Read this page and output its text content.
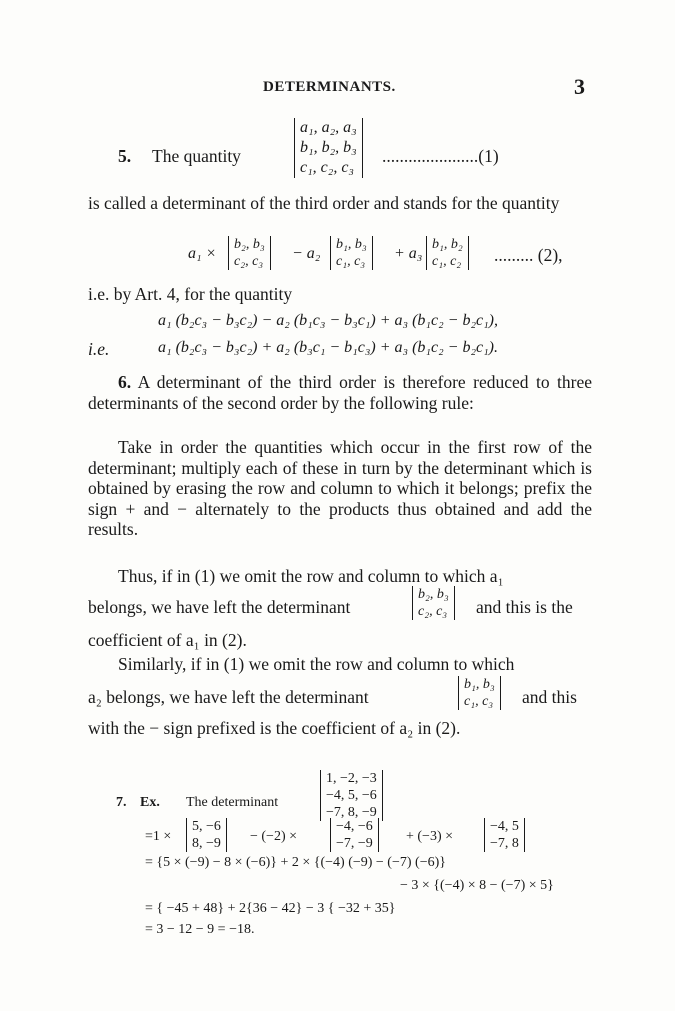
DETERMINANTS.	3
5. The quantity
a₁, a₂, a₃
b₁, b₂, b₃
c₁, c₂, c₃
......................(1)
is called a determinant of the third order and stands for the quantity
a₁ ×
b₂, b₃
c₂, c₃ − a₂
b₁, b₃
c₁, c₃ + a₃
b₁, b₂
c₁, c₂ ......... (2),
i.e. by Art. 4, for the quantity
a₁ (b₂c₃ − b₃c₂) − a₂ (b₁c₃ − b₃c₁) + a₃ (b₁c₂ − b₂c₁),
i.e.	a₁ (b₂c₃ − b₃c₂) + a₂ (b₃c₁ − b₁c₃) + a₃ (b₁c₂ − b₂c₁).
6. A determinant of the third order is therefore reduced to three determinants of the second order by the following rule:
Take in order the quantities which occur in the first row of the determinant; multiply each of these in turn by the determinant which is obtained by erasing the row and column to which it belongs; prefix the sign + and − alternately to the products thus obtained and add the results.
Thus, if in (1) we omit the row and column to which a₁
belongs, we have left the determinant
b₂, b₃
c₂, c₃ and this is the
coefficient of a₁ in (2).
Similarly, if in (1) we omit the row and column to which
a₂ belongs, we have left the determinant
b₁, b₃
c₁, c₃ and this
with the − sign prefixed is the coefficient of a₂ in (2).
7. Ex. The determinant
1, −2, −3
−4, 5, −6
−7, 8, −9
=1 ×
5, −6
8, −9 − (−2) ×
−4, −6
−7, −9 + (−3) ×
−4, 5
−7, 8
= {5 × (−9) − 8 × (−6)} + 2 × {(−4) (−9) − (−7) (−6)}
− 3 × {(−4) × 8 − (−7) × 5}
= { −45 + 48} + 2{36 − 42} − 3 { −32 + 35}
= 3 − 12 − 9 = −18.
